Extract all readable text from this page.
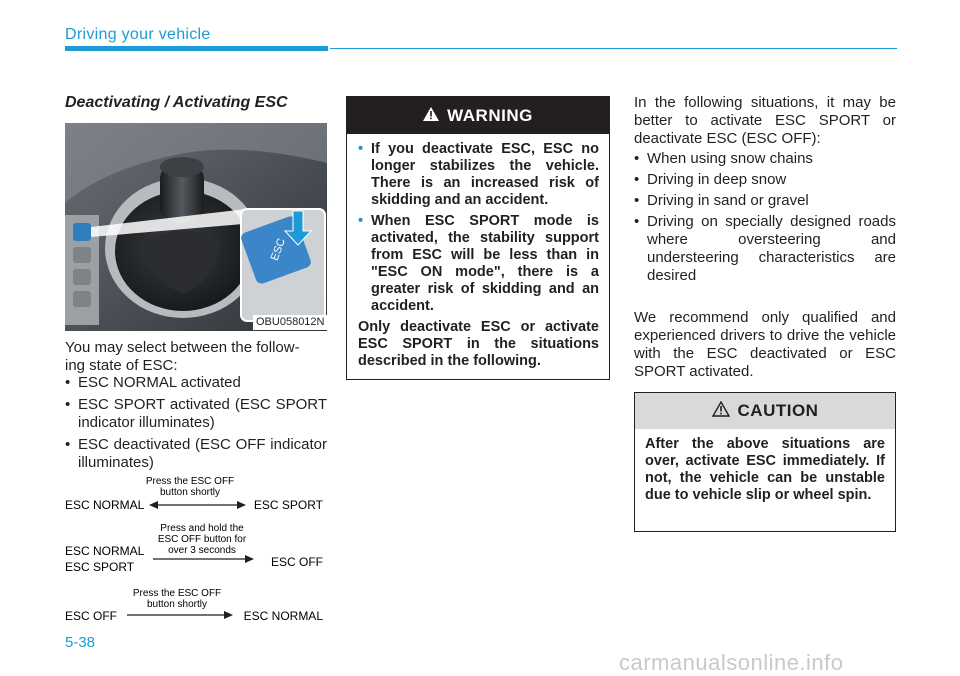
Driving your vehicle
Deactivating / Activating ESC
ESC
OBU058012N
You may select between the follow-
ing state of ESC:
• ESC NORMAL activated
• ESC SPORT activated (ESC SPORT indicator illuminates)
• ESC deactivated (ESC OFF indicator illuminates)
Press the ESC OFF
button shortly
ESC NORMAL	ESC SPORT
Press and hold the
ESC OFF button for
over 3 seconds
ESC NORMAL
ESC SPORT	ESC OFF
Press the ESC OFF
button shortly
ESC OFF	ESC NORMAL
WARNING
• If you deactivate ESC, ESC no longer stabilizes the vehicle. There is an increased risk of skidding and an accident.
• When ESC SPORT mode is activated, the stability support from ESC will be less than in "ESC ON mode", there is a greater risk of skidding and an accident.
Only deactivate ESC or activate ESC SPORT in the situations described in the following.
In the following situations, it may be better to activate ESC SPORT or deactivate ESC (ESC OFF):
• When using snow chains
• Driving in deep snow
• Driving in sand or gravel
• Driving on specially designed roads where oversteering and understeering characteristics are desired
We recommend only qualified and experienced drivers to drive the vehicle with the ESC deactivated or ESC SPORT activated.
CAUTION
After the above situations are over, activate ESC immediately. If not, the vehicle can be unstable due to vehicle slip or wheel spin.
5-38
carmanualsonline.info
